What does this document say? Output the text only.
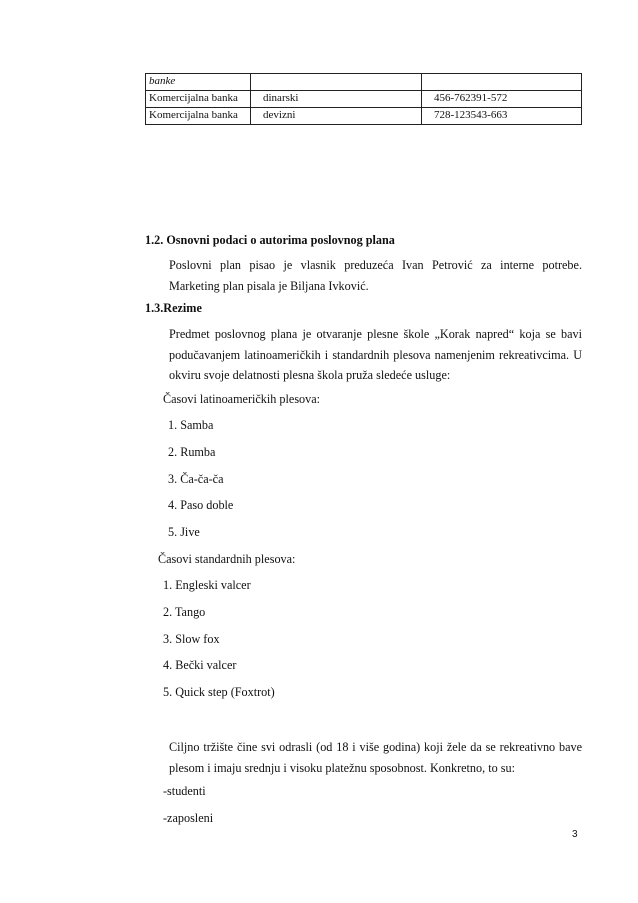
banke		
Komercijalna banka	dinarski	456-762391-572
Komercijalna banka	devizni	728-123543-663
1.2. Osnovni podaci o autorima poslovnog plana
Poslovni plan pisao je vlasnik preduzeća Ivan Petrović za interne potrebe. Marketing plan pisala je Biljana Ivković.
1.3.Rezime
Predmet poslovnog plana je otvaranje plesne škole „Korak napred“ koja se bavi podučavanjem latinoameričkih i standardnih plesova namenjenim rekreativcima. U okviru svoje delatnosti plesna škola pruža sledeće usluge:
Časovi latinoameričkih plesova:
1. Samba
2. Rumba
3. Ča-ča-ča
4. Paso doble
5. Jive
Časovi standardnih plesova:
1. Engleski valcer
2. Tango
3. Slow fox
4. Bečki valcer
5. Quick step (Foxtrot)
Ciljno tržište čine svi odrasli (od 18 i više godina) koji žele da se rekreativno bave plesom i imaju srednju i visoku platežnu sposobnost. Konkretno, to su:
-studenti
-zaposleni
3
